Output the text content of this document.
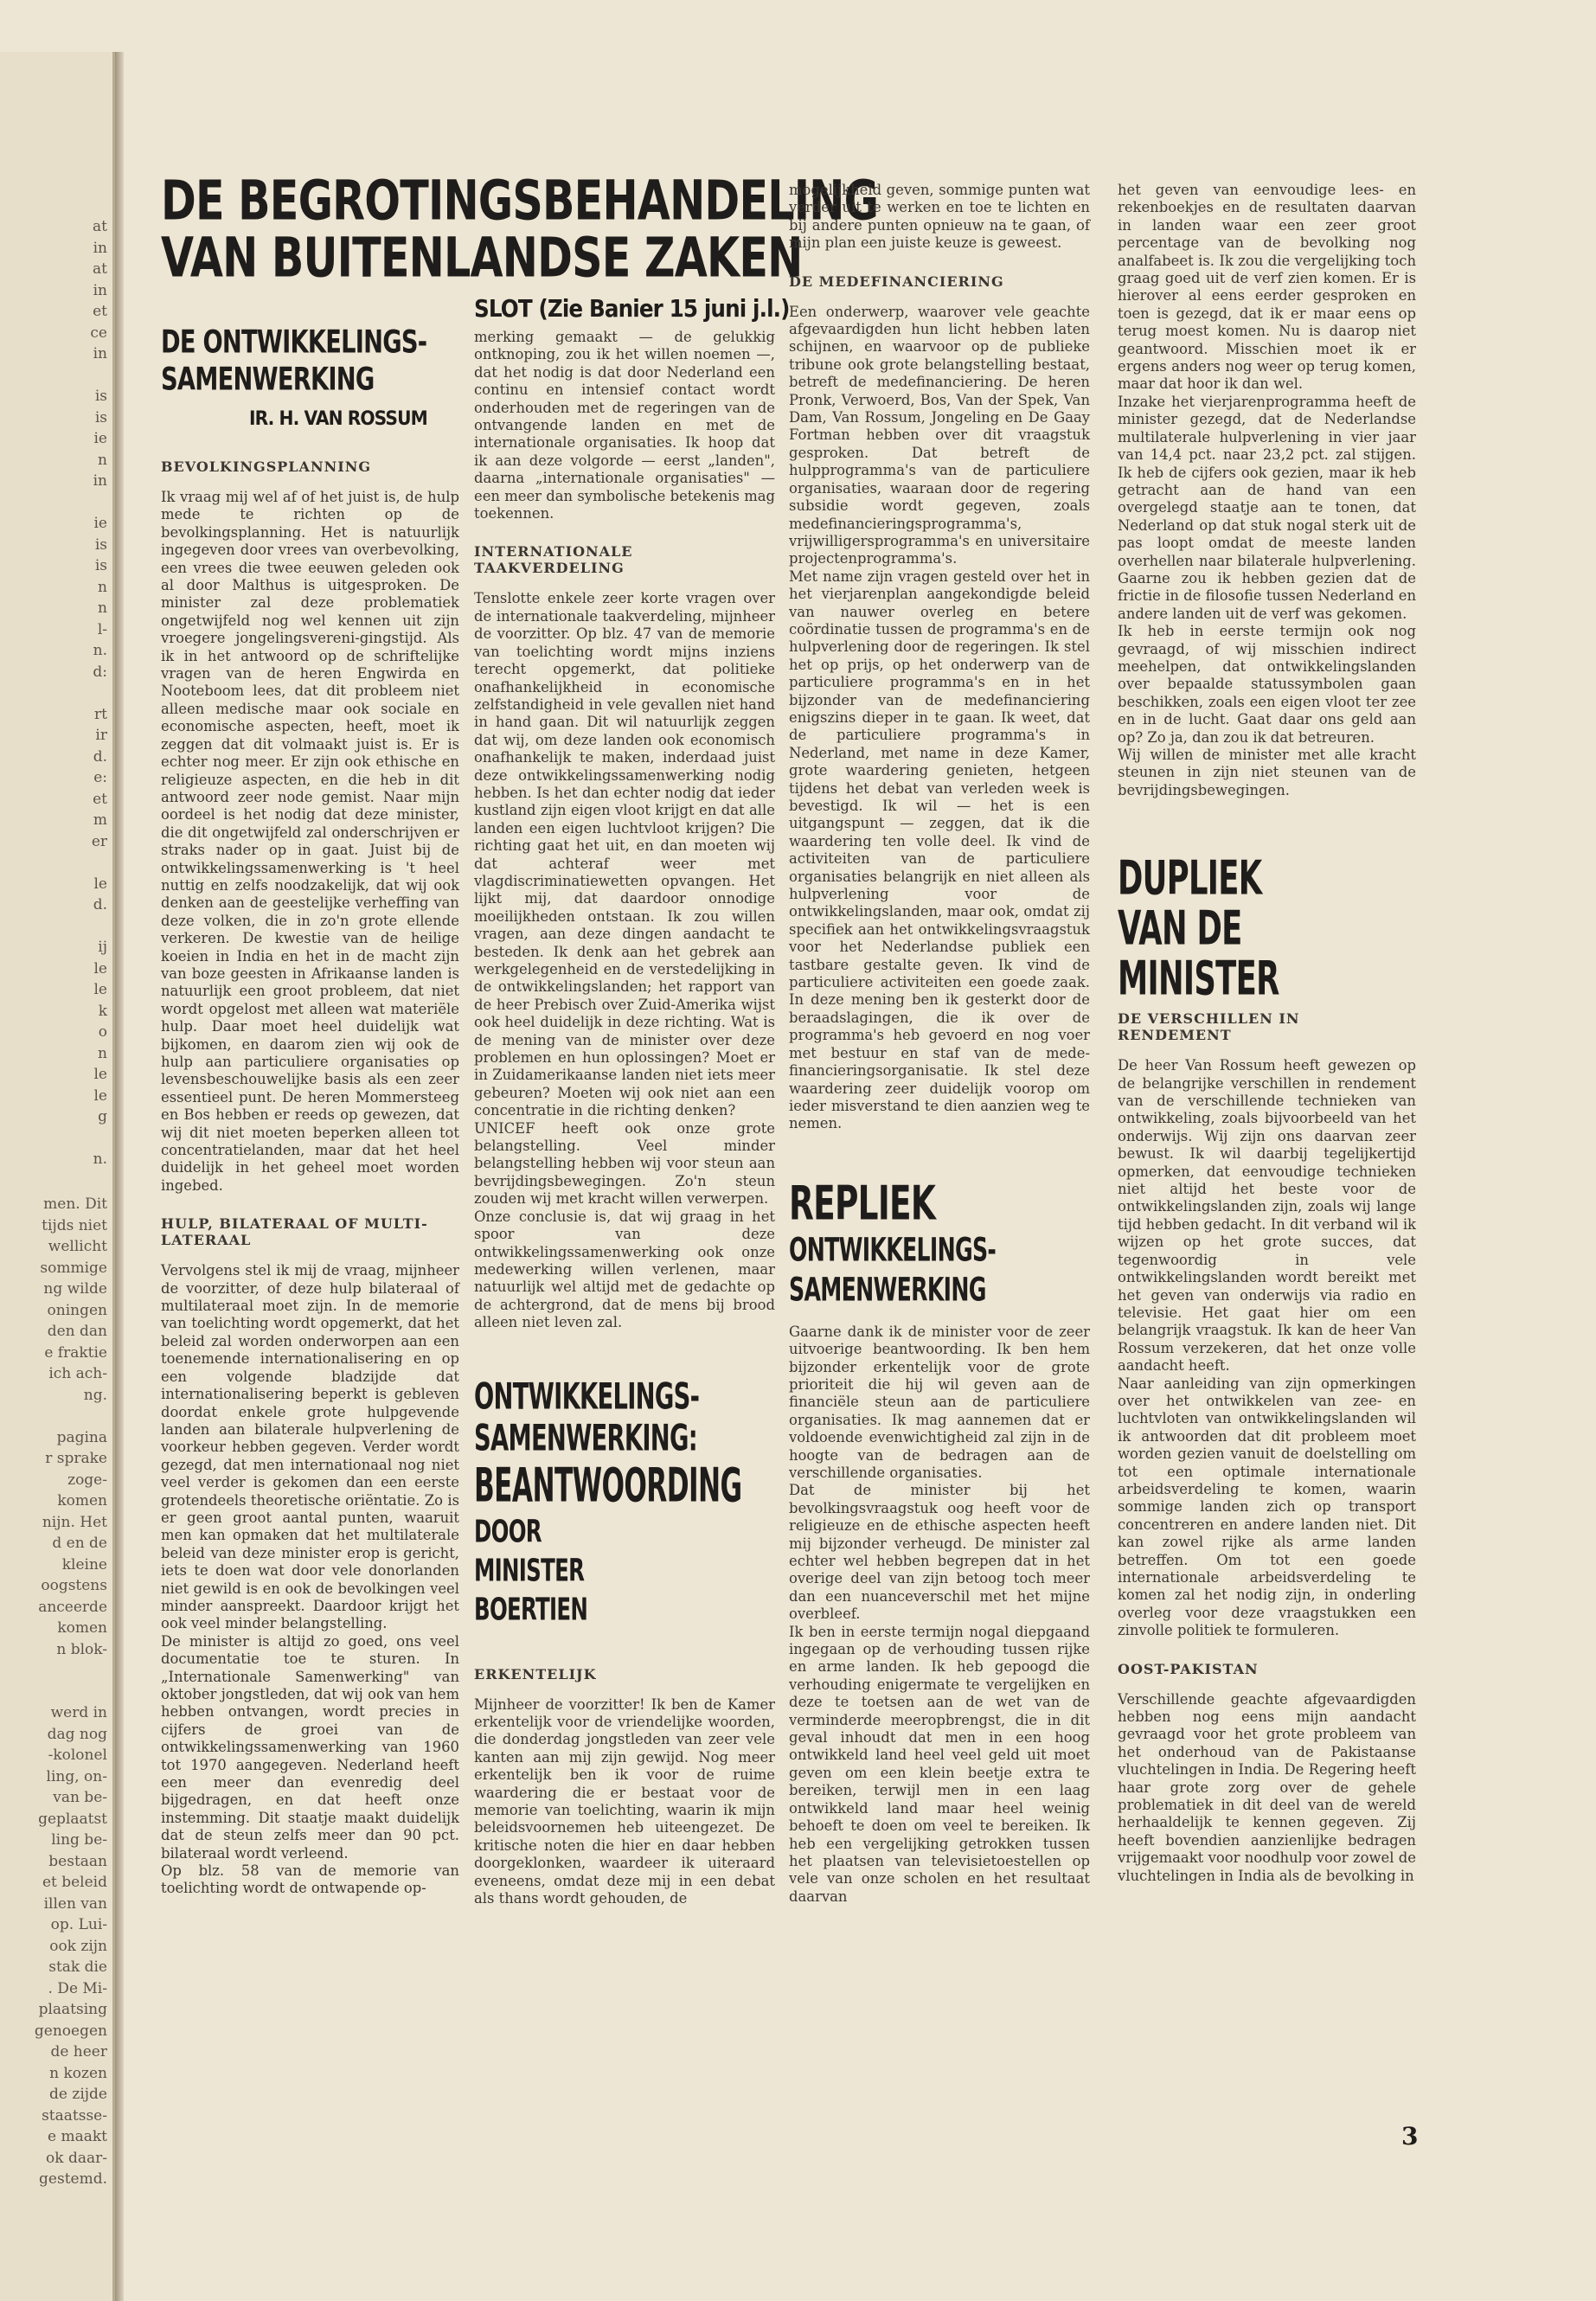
at
in
at
in
et
ce
in

is
is
ie
n
in

ie
is
is
n
n
l-
n.
d:

rt
ir
d.
e:
et
m
er

le
d.

ij
le
le
k
o
n
le
le
g

n.
men. Dit
tijds niet
wellicht
sommige
ng wilde
oningen
den dan
e fraktie
ich ach-
ng.

pagina
r sprake
zoge-
komen
nijn. Het
d en de
kleine
oogstens
anceerde
komen
n blok-

werd in
dag nog
-kolonel
ling, on-
van be-
geplaatst
ling be-
bestaan
et beleid
illen van
op. Lui-
ook zijn
stak die
. De Mi-
plaatsing
genoegen
de heer
n kozen
de zijde
staatsse-
e maakt
ok daar-
gestemd.
DE BEGROTINGSBEHANDELING
VAN BUITENLANDSE ZAKEN
SLOT (Zie Banier 15 juni j.l.)
DE ONTWIKKELINGS-
SAMENWERKING
IR. H. VAN ROSSUM
BEVOLKINGSPLANNING
Ik vraag mij wel af of het juist is, de hulp mede te richten op de bevolkingsplanning. Het is natuurlijk ingegeven door vrees van overbevolking, een vrees die twee eeuwen geleden ook al door Malthus is uitgesproken. De minister zal deze problematiek ongetwijfeld nog wel kennen uit zijn vroegere jongelingsvereni-gingstijd. Als ik in het antwoord op de schriftelijke vragen van de heren Engwirda en Nooteboom lees, dat dit probleem niet alleen medische maar ook sociale en economische aspecten, heeft, moet ik zeggen dat dit volmaakt juist is. Er is echter nog meer. Er zijn ook ethische en religieuze aspecten, en die heb in dit antwoord zeer node gemist. Naar mijn oordeel is het nodig dat deze minister, die dit ongetwijfeld zal onderschrijven er straks nader op in gaat. Juist bij de ontwikkelingssamenwerking is 't heel nuttig en zelfs noodzakelijk, dat wij ook denken aan de geestelijke verheffing van deze volken, die in zo'n grote ellende verkeren. De kwestie van de heilige koeien in India en het in de macht zijn van boze geesten in Afrikaanse landen is natuurlijk een groot probleem, dat niet wordt opgelost met alleen wat materiële hulp. Daar moet heel duidelijk wat bijkomen, en daarom zien wij ook de hulp aan particuliere organisaties op levensbeschouwelijke basis als een zeer essentieel punt. De heren Mommersteeg en Bos hebben er reeds op gewezen, dat wij dit niet moeten beperken alleen tot concentratielanden, maar dat het heel duidelijk in het geheel moet worden ingebed.
HULP, BILATERAAL OF MULTI-LATERAAL
Vervolgens stel ik mij de vraag, mijnheer de voorzitter, of deze hulp bilateraal of multilateraal moet zijn. In de memorie van toelichting wordt opgemerkt, dat het beleid zal worden onderworpen aan een toenemende internationalisering en op een volgende bladzijde dat internationalisering beperkt is gebleven doordat enkele grote hulpgevende landen aan bilaterale hulpverlening de voorkeur hebben gegeven. Verder wordt gezegd, dat men internationaal nog niet veel verder is gekomen dan een eerste grotendeels theoretische oriëntatie. Zo is er geen groot aantal punten, waaruit men kan opmaken dat het multilaterale beleid van deze minister erop is gericht, iets te doen wat door vele donorlanden niet gewild is en ook de bevolkingen veel minder aanspreekt. Daardoor krijgt het ook veel minder belangstelling.
De minister is altijd zo goed, ons veel documentatie toe te sturen. In „Internationale Samenwerking" van oktober jongstleden, dat wij ook van hem hebben ontvangen, wordt precies in cijfers de groei van de ontwikkelingssamenwerking van 1960 tot 1970 aangegeven. Nederland heeft een meer dan evenredig deel bijgedragen, en dat heeft onze instemming. Dit staatje maakt duidelijk dat de steun zelfs meer dan 90 pct. bilateraal wordt verleend.
Op blz. 58 van de memorie van toelichting wordt de ontwapende op-
merking gemaakt — de gelukkig ontknoping, zou ik het willen noemen —, dat het nodig is dat door Nederland een continu en intensief contact wordt onderhouden met de regeringen van de ontvangende landen en met de internationale organisaties. Ik hoop dat ik aan deze volgorde — eerst „landen", daarna „internationale organisaties" — een meer dan symbolische betekenis mag toekennen.
INTERNATIONALE TAAKVERDELING
Tenslotte enkele zeer korte vragen over de internationale taakverdeling, mijnheer de voorzitter. Op blz. 47 van de memorie van toelichting wordt mijns inziens terecht opgemerkt, dat politieke onafhankelijkheid in economische zelfstandigheid in vele gevallen niet hand in hand gaan. Dit wil natuurlijk zeggen dat wij, om deze landen ook economisch onafhankelijk te maken, inderdaad juist deze ontwikkelingssamenwerking nodig hebben. Is het dan echter nodig dat ieder kustland zijn eigen vloot krijgt en dat alle landen een eigen luchtvloot krijgen? Die richting gaat het uit, en dan moeten wij dat achteraf weer met vlagdiscriminatiewetten opvangen. Het lijkt mij, dat daardoor onnodige moeilijkheden ontstaan. Ik zou willen vragen, aan deze dingen aandacht te besteden. Ik denk aan het gebrek aan werkgelegenheid en de verstedelijking in de ontwikkelingslanden; het rapport van de heer Prebisch over Zuid-Amerika wijst ook heel duidelijk in deze richting. Wat is de mening van de minister over deze problemen en hun oplossingen? Moet er in Zuidamerikaanse landen niet iets meer gebeuren? Moeten wij ook niet aan een concentratie in die richting denken?
UNICEF heeft ook onze grote belangstelling. Veel minder belangstelling hebben wij voor steun aan bevrijdingsbewegingen. Zo'n steun zouden wij met kracht willen verwerpen.
Onze conclusie is, dat wij graag in het spoor van deze ontwikkelingssamenwerking ook onze medewerking willen verlenen, maar natuurlijk wel altijd met de gedachte op de achtergrond, dat de mens bij brood alleen niet leven zal.
ONTWIKKELINGS-
SAMENWERKING:
BEANTWOORDING
DOOR
MINISTER
BOERTIEN
ERKENTELIJK
Mijnheer de voorzitter! Ik ben de Kamer erkentelijk voor de vriendelijke woorden, die donderdag jongstleden van zeer vele kanten aan mij zijn gewijd. Nog meer erkentelijk ben ik voor de ruime waardering die er bestaat voor de memorie van toelichting, waarin ik mijn beleidsvoornemen heb uiteengezet. De kritische noten die hier en daar hebben doorgeklonken, waardeer ik uiteraard eveneens, omdat deze mij in een debat als thans wordt gehouden, de
mogelijkheid geven, sommige punten wat verder uit te werken en toe te lichten en bij andere punten opnieuw na te gaan, of mijn plan een juiste keuze is geweest.
DE MEDEFINANCIERING
Een onderwerp, waarover vele geachte afgevaardigden hun licht hebben laten schijnen, en waarvoor op de publieke tribune ook grote belangstelling bestaat, betreft de medefinanciering. De heren Pronk, Verwoerd, Bos, Van der Spek, Van Dam, Van Rossum, Jongeling en De Gaay Fortman hebben over dit vraagstuk gesproken. Dat betreft de hulpprogramma's van de particuliere organisaties, waaraan door de regering subsidie wordt gegeven, zoals medefinancieringsprogramma's, vrijwilligersprogramma's en universitaire projectenprogramma's.
Met name zijn vragen gesteld over het in het vierjarenplan aangekondigde beleid van nauwer overleg en betere coördinatie tussen de programma's en de hulpverlening door de regeringen. Ik stel het op prijs, op het onderwerp van de particuliere programma's en in het bijzonder van de medefinanciering enigszins dieper in te gaan. Ik weet, dat de particuliere programma's in Nederland, met name in deze Kamer, grote waardering genieten, hetgeen tijdens het debat van verleden week is bevestigd. Ik wil — het is een uitgangspunt — zeggen, dat ik die waardering ten volle deel. Ik vind de activiteiten van de particuliere organisaties belangrijk en niet alleen als hulpverlening voor de ontwikkelingslanden, maar ook, omdat zij specifiek aan het ontwikkelingsvraagstuk voor het Nederlandse publiek een tastbare gestalte geven. Ik vind de particuliere activiteiten een goede zaak. In deze mening ben ik gesterkt door de beraadslagingen, die ik over de programma's heb gevoerd en nog voer met bestuur en staf van de mede-financieringsorganisatie. Ik stel deze waardering zeer duidelijk voorop om ieder misverstand te dien aanzien weg te nemen.
REPLIEK
ONTWIKKELINGS-
SAMENWERKING
Gaarne dank ik de minister voor de zeer uitvoerige beantwoording. Ik ben hem bijzonder erkentelijk voor de grote prioriteit die hij wil geven aan de financiële steun aan de particuliere organisaties. Ik mag aannemen dat er voldoende evenwichtigheid zal zijn in de hoogte van de bedragen aan de verschillende organisaties.
Dat de minister bij het bevolkingsvraagstuk oog heeft voor de religieuze en de ethische aspecten heeft mij bijzonder verheugd. De minister zal echter wel hebben begrepen dat in het overige deel van zijn betoog toch meer dan een nuanceverschil met het mijne overbleef.
Ik ben in eerste termijn nogal diepgaand ingegaan op de verhouding tussen rijke en arme landen. Ik heb gepoogd die verhouding enigermate te vergelijken en deze te toetsen aan de wet van de verminderde meeropbrengst, die in dit geval inhoudt dat men in een hoog ontwikkeld land heel veel geld uit moet geven om een klein beetje extra te bereiken, terwijl men in een laag ontwikkeld land maar heel weinig behoeft te doen om veel te bereiken. Ik heb een vergelijking getrokken tussen het plaatsen van televisietoestellen op vele van onze scholen en het resultaat daarvan
het geven van eenvoudige lees- en rekenboekjes en de resultaten daarvan in landen waar een zeer groot percentage van de bevolking nog analfabeet is. Ik zou die vergelijking toch graag goed uit de verf zien komen. Er is hierover al eens eerder gesproken en toen is gezegd, dat ik er maar eens op terug moest komen. Nu is daarop niet geantwoord. Misschien moet ik er ergens anders nog weer op terug komen, maar dat hoor ik dan wel.
Inzake het vierjarenprogramma heeft de minister gezegd, dat de Nederlandse multilaterale hulpverlening in vier jaar van 14,4 pct. naar 23,2 pct. zal stijgen. Ik heb de cijfers ook gezien, maar ik heb getracht aan de hand van een overgelegd staatje aan te tonen, dat Nederland op dat stuk nogal sterk uit de pas loopt omdat de meeste landen overhellen naar bilaterale hulpverlening. Gaarne zou ik hebben gezien dat de frictie in de filosofie tussen Nederland en andere landen uit de verf was gekomen.
Ik heb in eerste termijn ook nog gevraagd, of wij misschien indirect meehelpen, dat ontwikkelingslanden over bepaalde statussymbolen gaan beschikken, zoals een eigen vloot ter zee en in de lucht. Gaat daar ons geld aan op? Zo ja, dan zou ik dat betreuren.
Wij willen de minister met alle kracht steunen in zijn niet steunen van de bevrijdingsbewegingen.
DUPLIEK
VAN DE
MINISTER
DE VERSCHILLEN IN RENDEMENT
De heer Van Rossum heeft gewezen op de belangrijke verschillen in rendement van de verschillende technieken van ontwikkeling, zoals bijvoorbeeld van het onderwijs. Wij zijn ons daarvan zeer bewust. Ik wil daarbij tegelijkertijd opmerken, dat eenvoudige technieken niet altijd het beste voor de ontwikkelingslanden zijn, zoals wij lange tijd hebben gedacht. In dit verband wil ik wijzen op het grote succes, dat tegenwoordig in vele ontwikkelingslanden wordt bereikt met het geven van onderwijs via radio en televisie. Het gaat hier om een belangrijk vraagstuk. Ik kan de heer Van Rossum verzekeren, dat het onze volle aandacht heeft.
Naar aanleiding van zijn opmerkingen over het ontwikkelen van zee- en luchtvloten van ontwikkelingslanden wil ik antwoorden dat dit probleem moet worden gezien vanuit de doelstelling om tot een optimale internationale arbeidsverdeling te komen, waarin sommige landen zich op transport concentreren en andere landen niet. Dit kan zowel rijke als arme landen betreffen. Om tot een goede internationale arbeidsverdeling te komen zal het nodig zijn, in onderling overleg voor deze vraagstukken een zinvolle politiek te formuleren.
OOST-PAKISTAN
Verschillende geachte afgevaardigden hebben nog eens mijn aandacht gevraagd voor het grote probleem van het onderhoud van de Pakistaanse vluchtelingen in India. De Regering heeft haar grote zorg over de gehele problematiek in dit deel van de wereld herhaaldelijk te kennen gegeven. Zij heeft bovendien aanzienlijke bedragen vrijgemaakt voor noodhulp voor zowel de vluchtelingen in India als de bevolking in
3
